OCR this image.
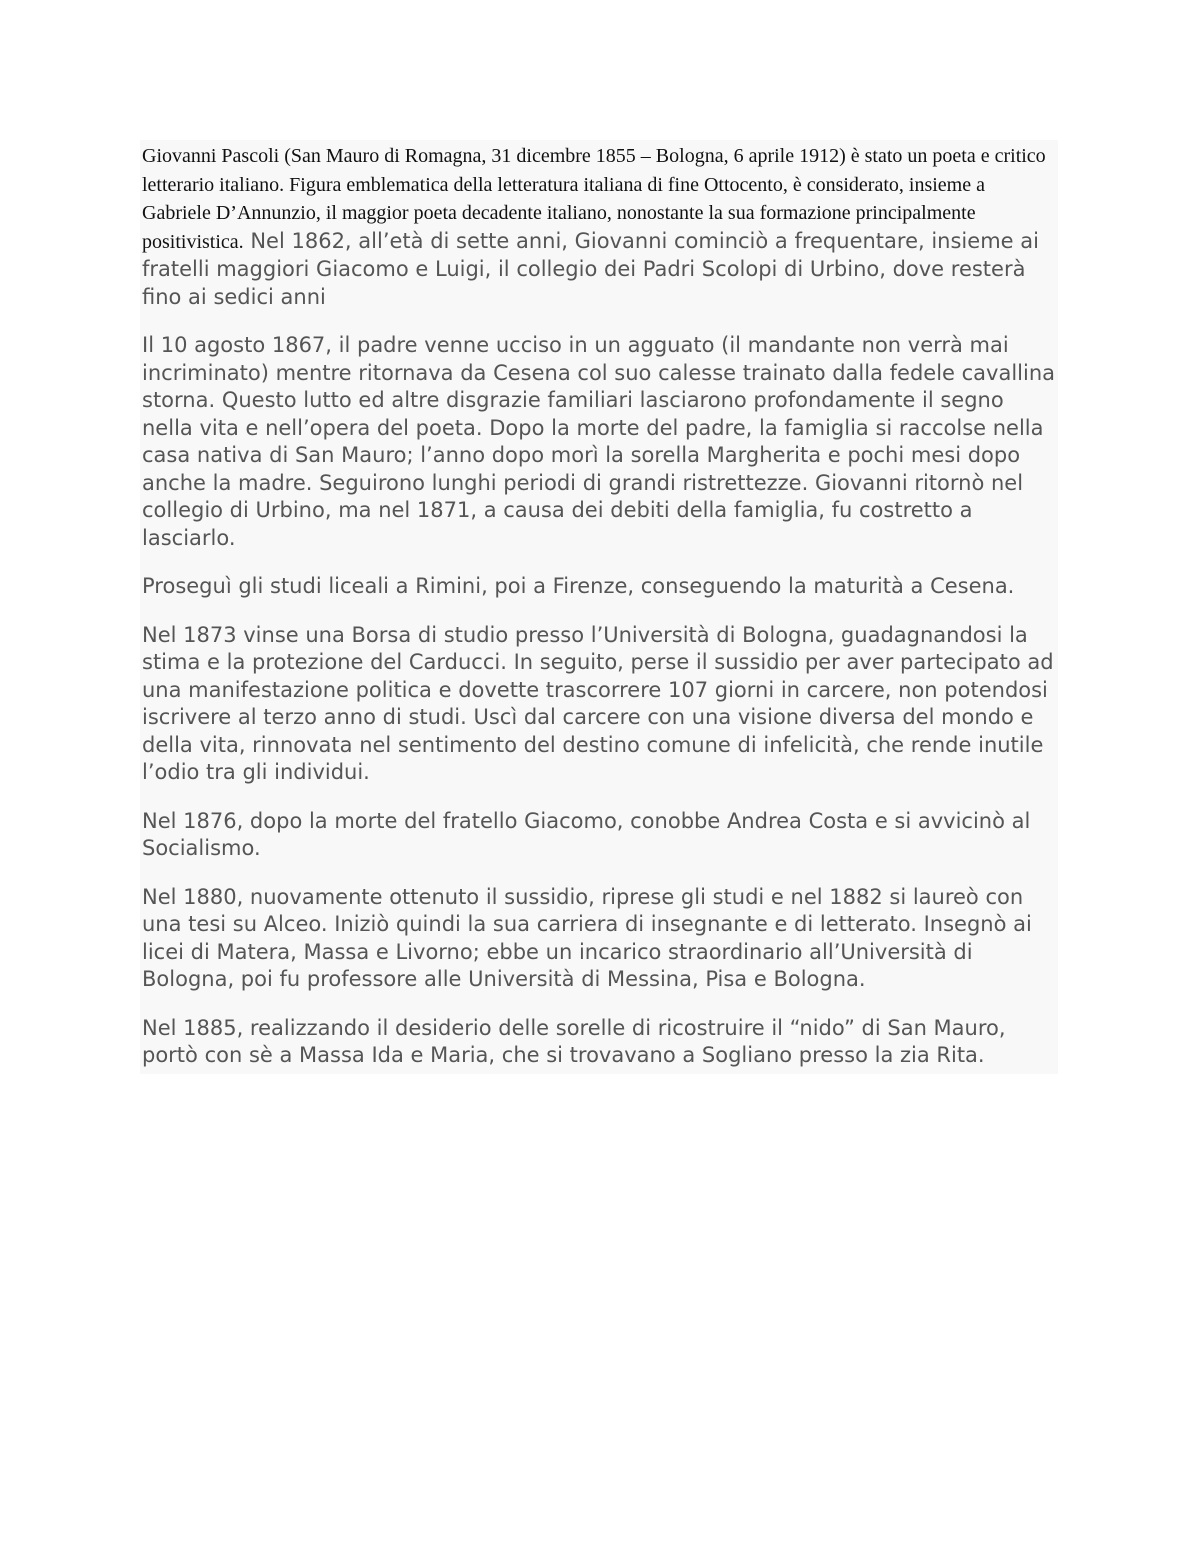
Giovanni Pascoli (San Mauro di Romagna, 31 dicembre 1855 – Bologna, 6 aprile 1912) è stato un poeta e critico letterario italiano. Figura emblematica della letteratura italiana di fine Ottocento, è considerato, insieme a Gabriele D’Annunzio, il maggior poeta decadente italiano, nonostante la sua formazione principalmente positivistica. Nel 1862, all’età di sette anni, Giovanni cominciò a frequentare, insieme ai fratelli maggiori Giacomo e Luigi, il collegio dei Padri Scolopi di Urbino, dove resterà fino ai sedici anni

Il 10 agosto 1867, il padre venne ucciso in un agguato (il mandante non verrà mai incriminato) mentre ritornava da Cesena col suo calesse trainato dalla fedele cavallina storna. Questo lutto ed altre disgrazie familiari lasciarono profondamente il segno nella vita e nell’opera del poeta. Dopo la morte del padre, la famiglia si raccolse nella casa nativa di San Mauro; l’anno dopo morì la sorella Margherita e pochi mesi dopo anche la madre. Seguirono lunghi periodi di grandi ristrettezze. Giovanni ritornò nel collegio di Urbino, ma nel 1871, a causa dei debiti della famiglia, fu costretto a lasciarlo.

Proseguì gli studi liceali a Rimini, poi a Firenze, conseguendo la maturità a Cesena.

Nel 1873 vinse una Borsa di studio presso l’Università di Bologna, guadagnandosi la stima e la protezione del Carducci. In seguito, perse il sussidio per aver partecipato ad una manifestazione politica e dovette trascorrere 107 giorni in carcere, non potendosi iscrivere al terzo anno di studi. Uscì dal carcere con una visione diversa del mondo e della vita, rinnovata nel sentimento del destino comune di infelicità, che rende inutile l’odio tra gli individui.

Nel 1876, dopo la morte del fratello Giacomo, conobbe Andrea Costa e si avvicinò al Socialismo.

Nel 1880, nuovamente ottenuto il sussidio, riprese gli studi e nel 1882 si laureò con una tesi su Alceo. Iniziò quindi la sua carriera di insegnante e di letterato. Insegnò ai licei di Matera, Massa e Livorno; ebbe un incarico straordinario all’Università di Bologna, poi fu professore alle Università di Messina, Pisa e Bologna.

Nel 1885, realizzando il desiderio delle sorelle di ricostruire il “nido” di San Mauro, portò con sè a Massa Ida e Maria, che si trovavano a Sogliano presso la zia Rita.
